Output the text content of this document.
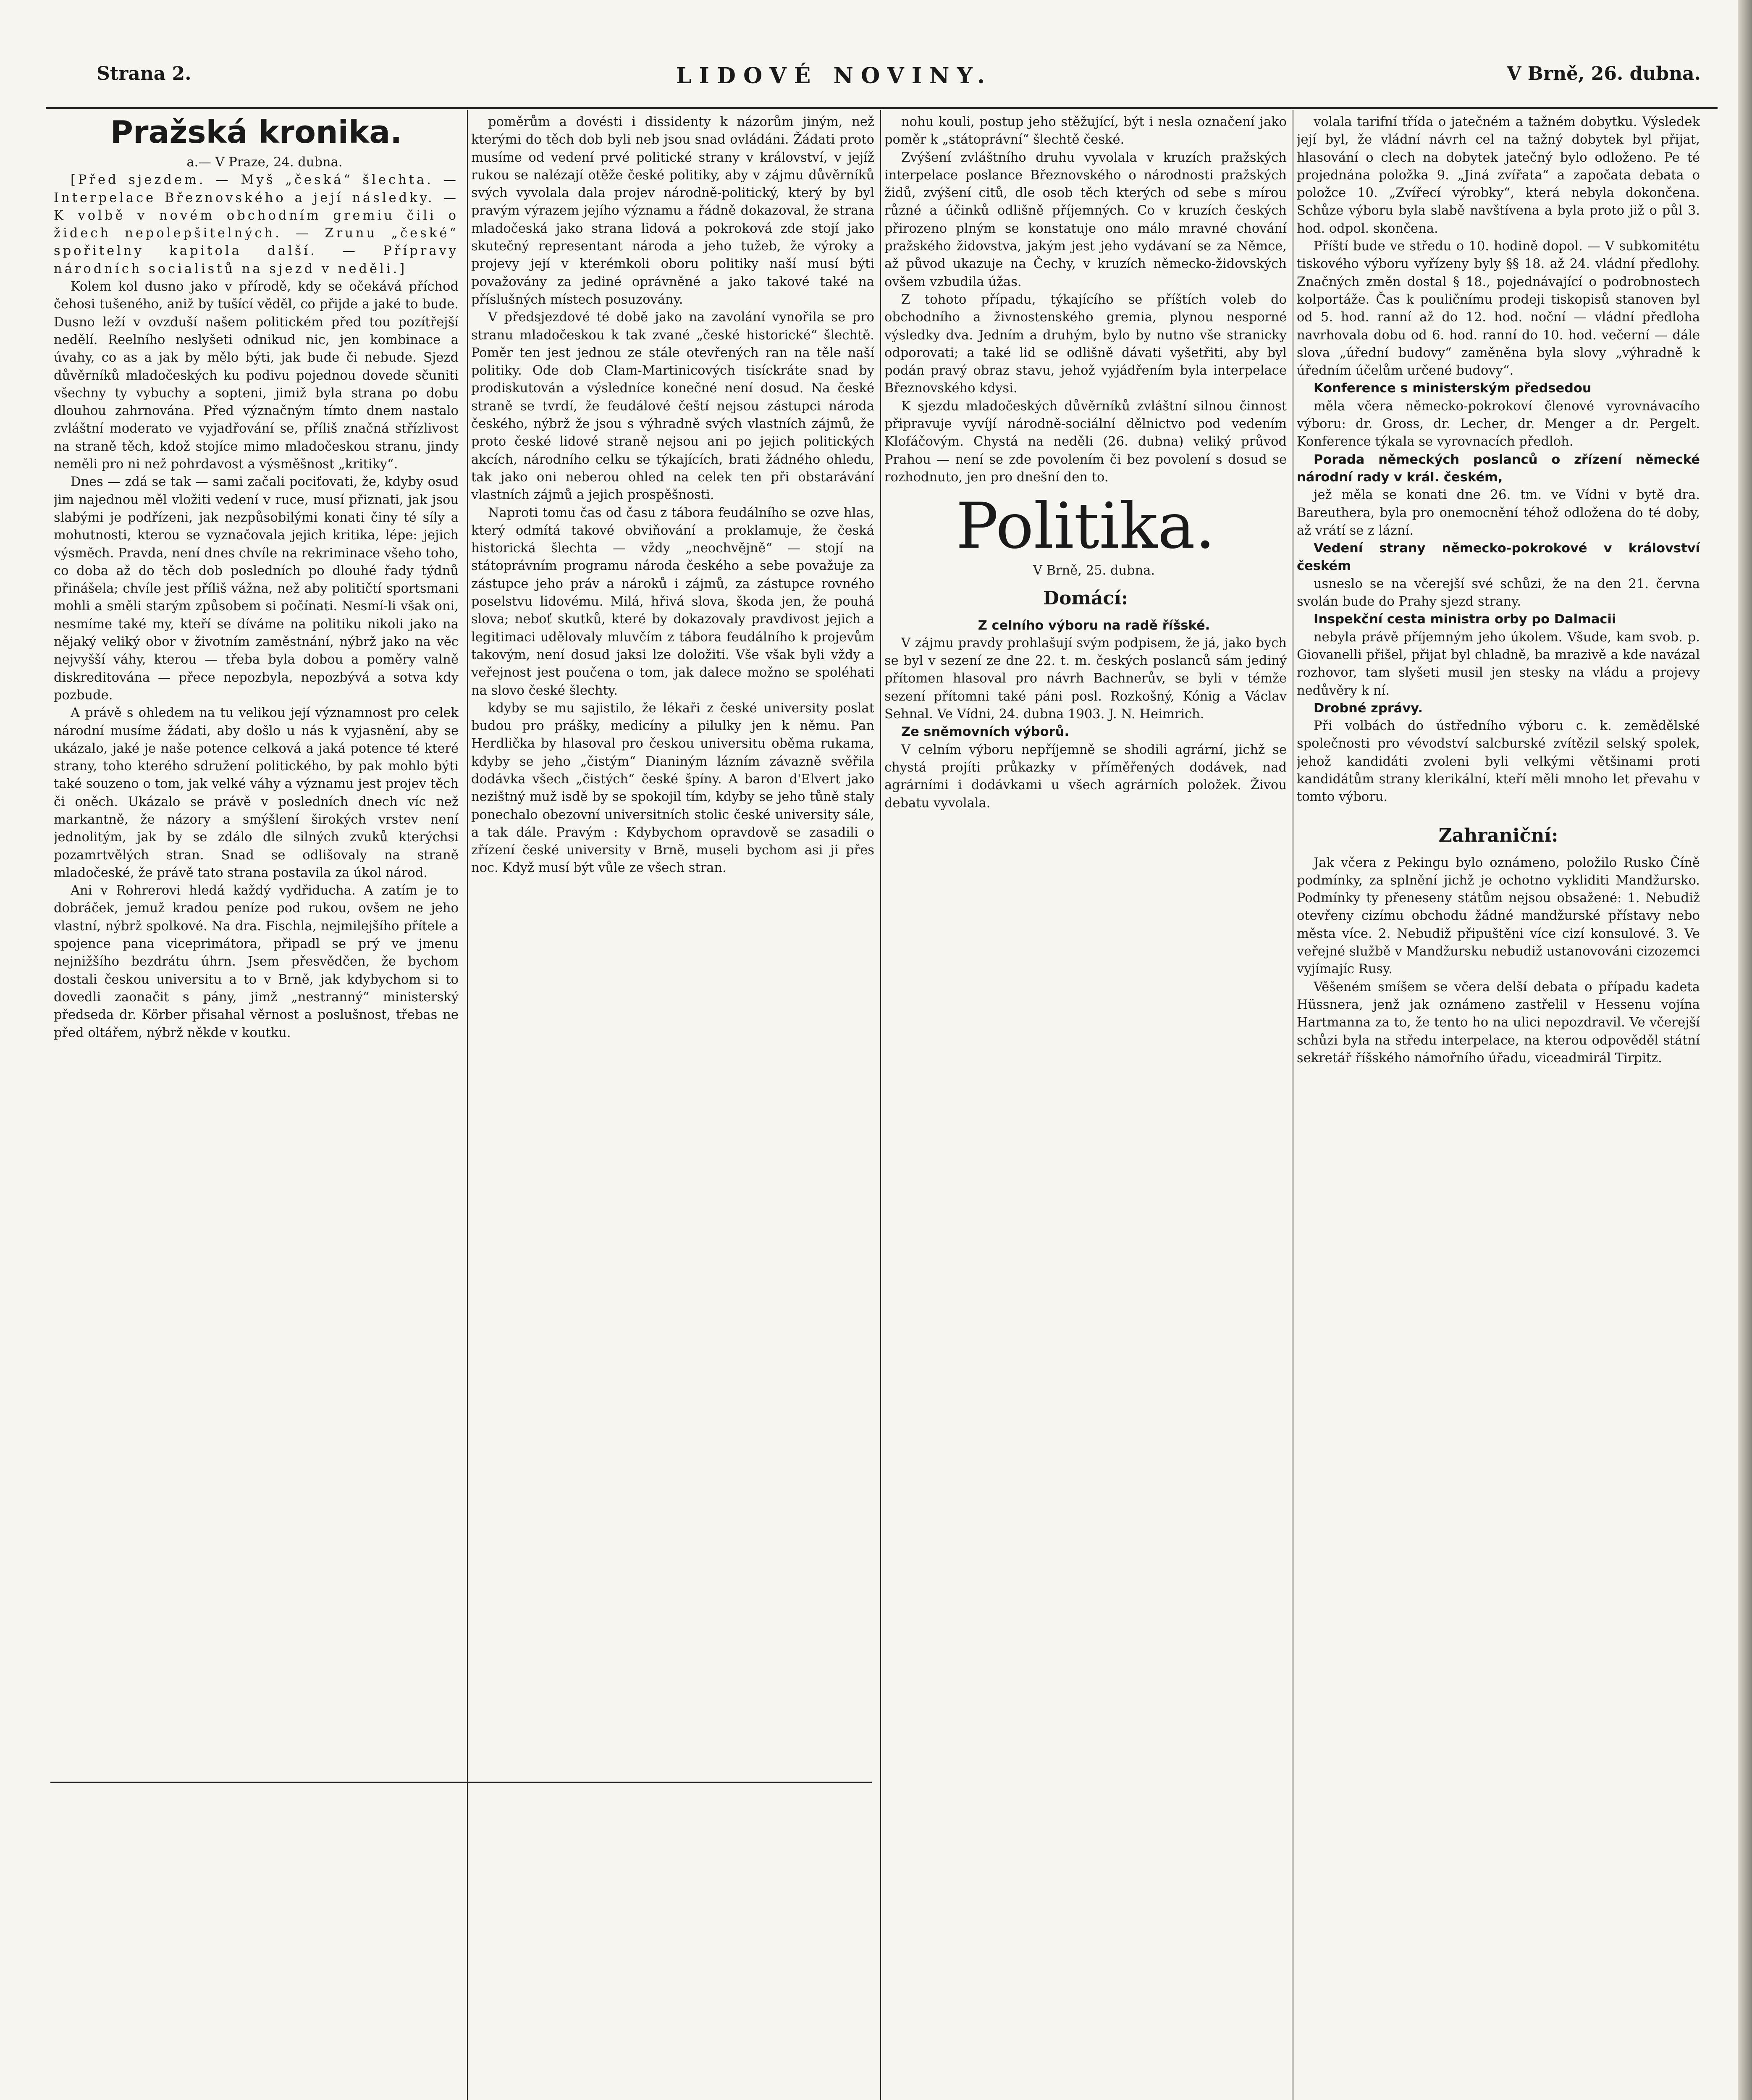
Strana 2.	LIDOVÉ NOVINY.	V Brně, 26. dubna.
Pražská kronika.

a.— V Praze, 24. dubna.

[Před sjezdem. — Myš „česká“ šlechta. — Interpelace Březnovského a její následky. — K volbě v novém obchodním gremiu čili o židech nepolepšitelných. — Zrunu „české“ spořitelny kapitola další. — Přípravy národních socialistů na sjezd v neděli.]

Kolem kol dusno jako v přírodě, kdy se očekává příchod čehosi tušeného, aniž by tušící věděl, co přijde a jaké to bude. Dusno leží v ovzduší našem politickém před tou pozítřejší nedělí. Reelního neslyšeti odnikud nic, jen kombinace a úvahy, co as a jak by mělo býti, jak bude či nebude. Sjezd důvěrníků mladočeských ku podivu pojednou dovede sčuniti všechny ty vybuchy a sopteni, jimiž byla strana po dobu dlouhou zahrnována. Před význačným tímto dnem nastalo zvláštní moderato ve vyjadřování se, příliš značná střízlivost na straně těch, kdož stojíce mimo mladočeskou stranu, jindy neměli pro ni než pohrdavost a výsměšnost „kritiky“.

Dnes — zdá se tak — sami začali pociťovati, že, kdyby osud jim najednou měl vložiti vedení v ruce, musí přiznati, jak jsou slabými je podřízeni, jak nezpůsobilými konati činy té síly a mohutnosti, kterou se vyznačovala jejich kritika, lépe: jejich výsměch. Pravda, není dnes chvíle na rekriminace všeho toho, co doba až do těch dob posledních po dlouhé řady týdnů přinášela; chvíle jest příliš vážna, než aby političtí sportsmani mohli a směli starým způsobem si počínati. Nesmí-li však oni, nesmíme také my, kteří se díváme na politiku nikoli jako na nějaký veliký obor v životním zaměstnání, nýbrž jako na věc nejvyšší váhy, kterou — třeba byla dobou a poměry valně diskreditována — přece nepozbyla, nepozbývá a sotva kdy pozbude.

A právě s ohledem na tu velikou její významnost pro celek národní musíme žádati, aby došlo u nás k vyjasnění, aby se ukázalo, jaké je naše potence celková a jaká potence té které strany, toho kterého sdružení politického, by pak mohlo býti také souzeno o tom, jak velké váhy a významu jest projev těch či oněch. Ukázalo se právě v posledních dnech víc než markantně, že názory a smýšlení širokých vrstev není jednolitým, jak by se zdálo dle silných zvuků kterýchsi pozamrtvělých stran. Snad se odlišovaly na straně mladočeské, že právě tato strana postavila za úkol národ.

Ani v Rohrerovi hledá každý vydřiducha. A zatím je to dobráček, jemuž kradou peníze pod rukou, ovšem ne jeho vlastní, nýbrž spolkové. Na dra. Fischla, nejmilejšího přítele a spojence pana viceprimátora, připadl se prý ve jmenu nejnižšího bezdrátu úhrn. Jsem přesvědčen, že bychom dostali českou universitu a to v Brně, jak kdybychom si to dovedli zaonačit s pány, jimž „nestranný“ ministerský předseda dr. Körber přisahal věrnost a poslušnost, třebas ne před oltářem, nýbrž někde v koutku.

poměrům a dovésti i dissidenty k názorům jiným, než kterými do těch dob byli neb jsou snad ovládáni. Žádati proto musíme od vedení prvé politické strany v království, v jejíž rukou se nalézají otěže české politiky, aby v zájmu důvěrníků svých vyvolala dala projev národně-politický, který by byl pravým výrazem jejího významu a řádně dokazoval, že strana mladočeská jako strana lidová a pokroková zde stojí jako skutečný representant národa a jeho tužeb, že výroky a projevy její v kterémkoli oboru politiky naší musí býti považovány za jediné oprávněné a jako takové také na příslušných místech posuzovány.

V předsjezdové té době jako na zavolání vynořila se pro stranu mladočeskou k tak zvané „české historické“ šlechtě. Poměr ten jest jednou ze stále otevřených ran na těle naší politiky. Ode dob Clam-Martinicových tisíckráte snad by prodiskutován a výsledníce konečné není dosud. Na české straně se tvrdí, že feudálové čeští nejsou zástupci národa českého, nýbrž že jsou s výhradně svých vlastních zájmů, že proto české lidové straně nejsou ani po jejich politických akcích, národního celku se týkajících, brati žádného ohledu, tak jako oni neberou ohled na celek ten při obstarávání vlastních zájmů a jejich prospěšnosti.

Naproti tomu čas od času z tábora feudálního se ozve hlas, který odmítá takové obviňování a proklamuje, že česká historická šlechta — vždy „neochvějně“ — stojí na státoprávním programu národa českého a sebe považuje za zástupce jeho práv a nároků i zájmů, za zástupce rovného poselstvu lidovému. Milá, hřivá slova, škoda jen, že pouhá slova; neboť skutků, které by dokazovaly pravdivost jejich a legitimaci udělovaly mluvčím z tábora feudálního k projevům takovým, není dosud jaksi lze doložiti. Vše však byli vždy a veřejnost jest poučena o tom, jak dalece možno se spoléhati na slovo české šlechty.

kdyby se mu sajistilo, že lékaři z české university poslat budou pro prášky, medicíny a pilulky jen k němu. Pan Herdlička by hlasoval pro českou universitu oběma rukama, kdyby se jeho „čistým“ Dianiným lázním závazně svěřila dodávka všech „čistých“ české špíny. A baron d'Elvert jako nezištný muž isdě by se spokojil tím, kdyby se jeho tůně staly ponechalo obezovní universitních stolic české university sále, a tak dále. Pravým : Kdybychom opravdově se zasadili o zřízení české university v Brně, museli bychom asi ji přes noc. Když musí být vůle ze všech stran.

nohu kouli, postup jeho stěžující, být i nesla označení jako poměr k „státoprávní“ šlechtě české.

Zvýšení zvláštního druhu vyvolala v kruzích pražských interpelace poslance Březnovského o národnosti pražských židů, zvýšení citů, dle osob těch kterých od sebe s mírou různé a účinků odlišně příjemných. Co v kruzích českých přirozeno plným se konstatuje ono málo mravné chování pražského židovstva, jakým jest jeho vydávaní se za Němce, až původ ukazuje na Čechy, v kruzích německo-židovských ovšem vzbudila úžas.

Z tohoto případu, týkajícího se příštích voleb do obchodního a živnostenského gremia, plynou nesporné výsledky dva. Jedním a druhým, bylo by nutno vše stranicky odporovati; a také lid se odlišně dávati vyšetřiti, aby byl podán pravý obraz stavu, jehož vyjádřením byla interpelace Březnovského kdysi.

K sjezdu mladočeských důvěrníků zvláštní silnou činnost připravuje vyvíjí národně-sociální dělnictvo pod vedením Klofáčovým. Chystá na neděli (26. dubna) veliký průvod Prahou — není se zde povolením či bez povolení s dosud se rozhodnuto, jen pro dnešní den to.

Politika.

V Brně, 25. dubna.

Domácí:

Z celního výboru na radě říšské.

V zájmu pravdy prohlašují svým podpisem, že já, jako bych se byl v sezení ze dne 22. t. m. českých poslanců sám jediný přítomen hlasoval pro návrh Bachnerův, se byli v témže sezení přítomni také páni posl. Rozkošný, Kónig a Václav Sehnal. Ve Vídni, 24. dubna 1903. J. N. Heimrich.

Ze sněmovních výborů.

V celním výboru nepříjemně se shodili agrární, jichž se chystá projíti průkazky v příměřených dodávek, nad agrárními i dodávkami u všech agrárních položek. Živou debatu vyvolala.

volala tarifní třída o jatečném a tažném dobytku. Výsledek její byl, že vládní návrh cel na tažný dobytek byl přijat, hlasování o clech na dobytek jatečný bylo odloženo. Pe té projednána položka 9. „Jiná zvířata“ a započata debata o položce 10. „Zvířecí výrobky“, která nebyla dokončena. Schůze výboru byla slabě navštívena a byla proto již o půl 3. hod. odpol. skončena.

Příští bude ve středu o 10. hodině dopol. — V subkomitétu tiskového výboru vyřízeny byly §§ 18. až 24. vládní předlohy. Značných změn dostal § 18., pojednávající o podrobnostech kolportáže. Čas k pouličnímu prodeji tiskopisů stanoven byl od 5. hod. ranní až do 12. hod. noční — vládní předloha navrhovala dobu od 6. hod. ranní do 10. hod. večerní — dále slova „úřední budovy“ zaměněna byla slovy „výhradně k úředním účelům určené budovy“.

Konference s ministerským předsedou

měla včera německo-pokrokoví členové vyrovnávacího výboru: dr. Gross, dr. Lecher, dr. Menger a dr. Pergelt. Konference týkala se vyrovnacích předloh.

Porada německých poslanců o zřízení německé národní rady v král. českém,

jež měla se konati dne 26. tm. ve Vídni v bytě dra. Bareuthera, byla pro onemocnění téhož odložena do té doby, až vrátí se z lázní.

Vedení strany německo-pokrokové v království českém

usneslo se na včerejší své schůzi, že na den 21. června svolán bude do Prahy sjezd strany.

Inspekční cesta ministra orby po Dalmacii

nebyla právě příjemným jeho úkolem. Všude, kam svob. p. Giovanelli přišel, přijat byl chladně, ba mrazivě a kde navázal rozhovor, tam slyšeti musil jen stesky na vládu a projevy nedůvěry k ní.

Drobné zprávy.

Při volbách do ústředního výboru c. k. zemědělské společnosti pro vévodství salcburské zvítězil selský spolek, jehož kandidáti zvoleni byli velkými většinami proti kandidátům strany klerikální, kteří měli mnoho let převahu v tomto výboru.

Zahraniční:

Jak včera z Pekingu bylo oznámeno, položilo Rusko Číně podmínky, za splnění jichž je ochotno vykliditi Mandžursko. Podmínky ty přeneseny státům nejsou obsažené: 1. Nebudiž otevřeny cizímu obchodu žádné mandžurské přístavy nebo města více. 2. Nebudiž připuštěni více cizí konsulové. 3. Ve veřejné službě v Mandžursku nebudiž ustanovováni cizozemci vyjímajíc Rusy.

Věšeném smíšem se včera delší debata o případu kadeta Hüssnera, jenž jak oznámeno zastřelil v Hessenu vojína Hartmanna za to, že tento ho na ulici nepozdravil. Ve včerejší schůzi byla na středu interpelace, na kterou odpověděl státní sekretář říšského námořního úřadu, viceadmirál Tirpitz.
